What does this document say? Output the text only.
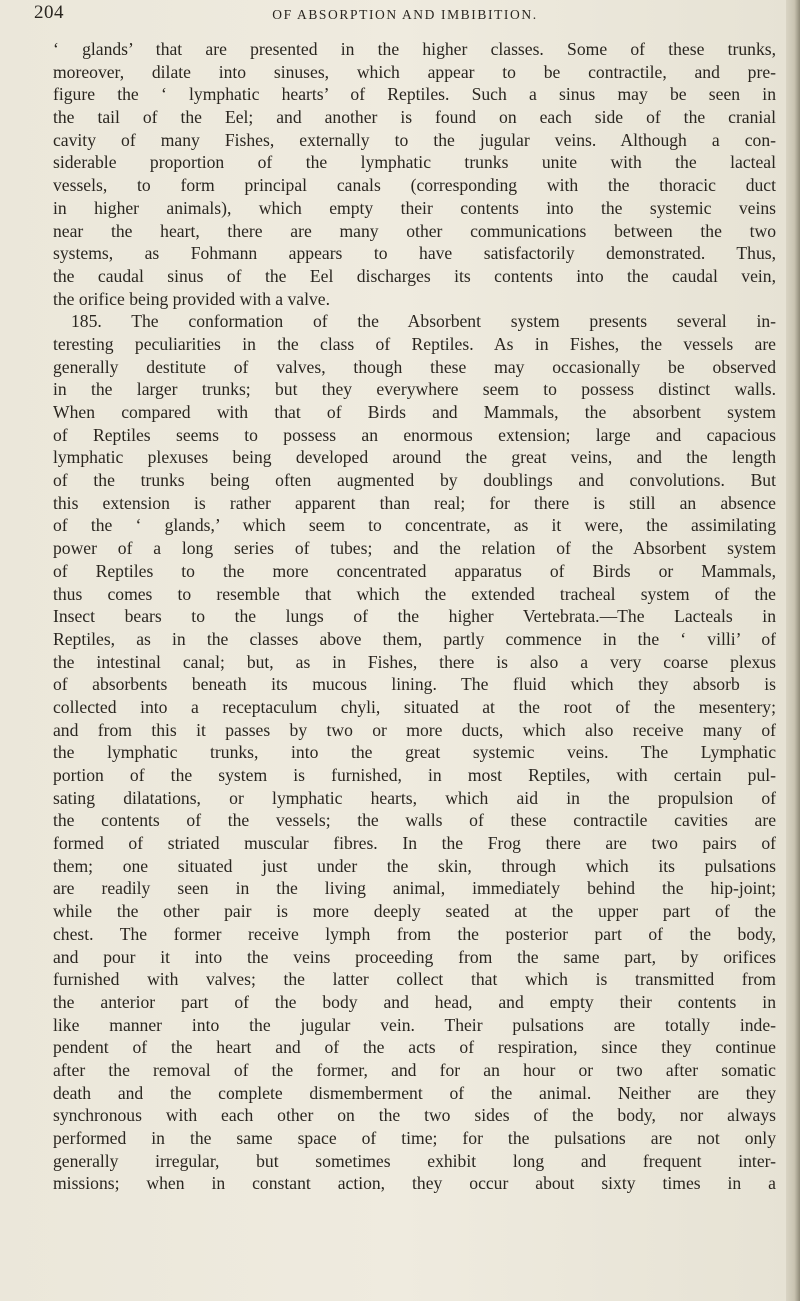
204	OF ABSORPTION AND IMBIBITION.
‘ glands’ that are presented in the higher classes. Some of these trunks,
moreover, dilate into sinuses, which appear to be contractile, and pre-
figure the ‘ lymphatic hearts’ of Reptiles. Such a sinus may be seen in
the tail of the Eel; and another is found on each side of the cranial
cavity of many Fishes, externally to the jugular veins. Although a con-
siderable proportion of the lymphatic trunks unite with the lacteal
vessels, to form principal canals (corresponding with the thoracic duct
in higher animals), which empty their contents into the systemic veins
near the heart, there are many other communications between the two
systems, as Fohmann appears to have satisfactorily demonstrated. Thus,
the caudal sinus of the Eel discharges its contents into the caudal vein,
the orifice being provided with a valve.
185. The conformation of the Absorbent system presents several in-
teresting peculiarities in the class of Reptiles. As in Fishes, the vessels are
generally destitute of valves, though these may occasionally be observed
in the larger trunks; but they everywhere seem to possess distinct walls.
When compared with that of Birds and Mammals, the absorbent system
of Reptiles seems to possess an enormous extension; large and capacious
lymphatic plexuses being developed around the great veins, and the length
of the trunks being often augmented by doublings and convolutions. But
this extension is rather apparent than real; for there is still an absence
of the ‘ glands,’ which seem to concentrate, as it were, the assimilating
power of a long series of tubes; and the relation of the Absorbent system
of Reptiles to the more concentrated apparatus of Birds or Mammals,
thus comes to resemble that which the extended tracheal system of the
Insect bears to the lungs of the higher Vertebrata.—The Lacteals in
Reptiles, as in the classes above them, partly commence in the ‘ villi’ of
the intestinal canal; but, as in Fishes, there is also a very coarse plexus
of absorbents beneath its mucous lining. The fluid which they absorb is
collected into a receptaculum chyli, situated at the root of the mesentery;
and from this it passes by two or more ducts, which also receive many of
the lymphatic trunks, into the great systemic veins. The Lymphatic
portion of the system is furnished, in most Reptiles, with certain pul-
sating dilatations, or lymphatic hearts, which aid in the propulsion of
the contents of the vessels; the walls of these contractile cavities are
formed of striated muscular fibres. In the Frog there are two pairs of
them; one situated just under the skin, through which its pulsations
are readily seen in the living animal, immediately behind the hip-joint;
while the other pair is more deeply seated at the upper part of the
chest. The former receive lymph from the posterior part of the body,
and pour it into the veins proceeding from the same part, by orifices
furnished with valves; the latter collect that which is transmitted from
the anterior part of the body and head, and empty their contents in
like manner into the jugular vein. Their pulsations are totally inde-
pendent of the heart and of the acts of respiration, since they continue
after the removal of the former, and for an hour or two after somatic
death and the complete dismemberment of the animal. Neither are they
synchronous with each other on the two sides of the body, nor always
performed in the same space of time; for the pulsations are not only
generally irregular, but sometimes exhibit long and frequent inter-
missions; when in constant action, they occur about sixty times in a
